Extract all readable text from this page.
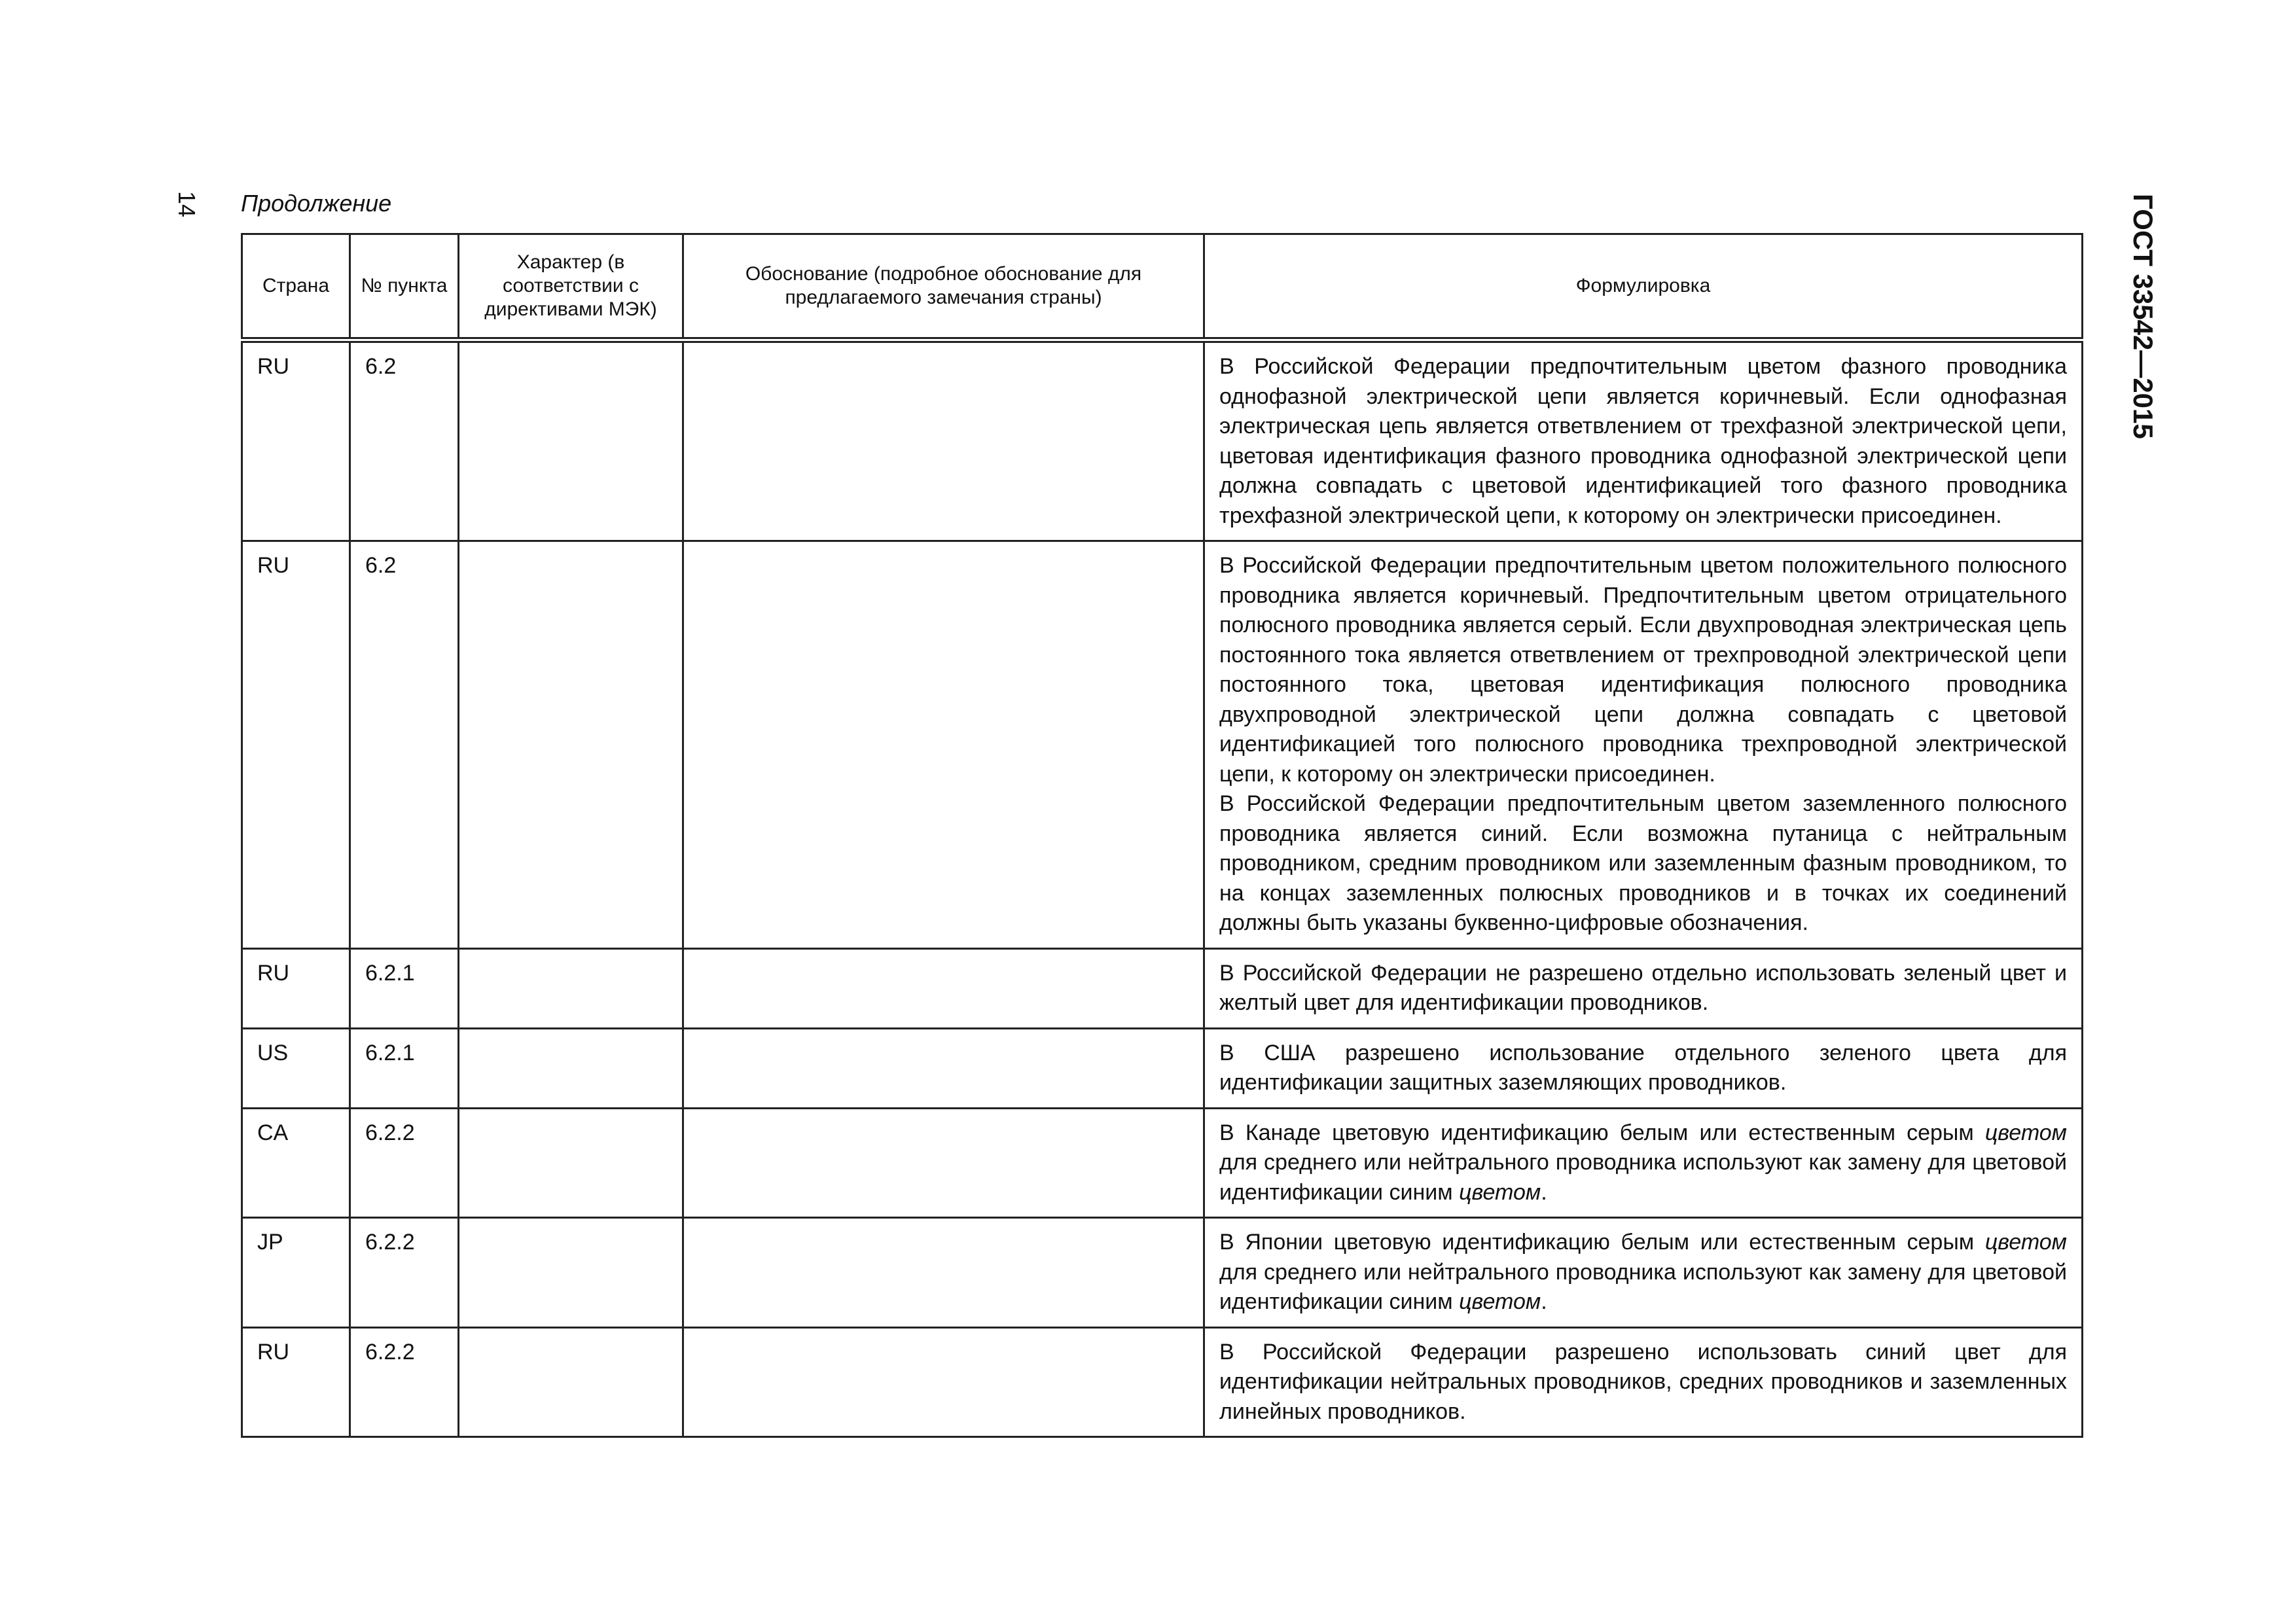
14 Продолжение	ГОСТ 33542—2015
Страна	№ пункта	Характер (в соответствии с директивами МЭК)	Обоснование (подробное обоснование для предлагаемого замечания страны)	Формулировка
RU	6.2			В Российской Федерации предпочтительным цветом фазного проводника однофазной электрической цепи является коричневый. Если однофазная электрическая цепь является ответвлением от трехфазной электрической цепи, цветовая идентификация фазного проводника однофазной электрической цепи должна совпадать с цветовой идентификацией того фазного проводника трехфазной электрической цепи, к которому он электрически присоединен.

RU	6.2			В Российской Федерации предпочтительным цветом положительного полюсного проводника является коричневый. Предпочтительным цветом отрицательного полюсного проводника является серый. Если двухпроводная электрическая цепь постоянного тока является ответвлением от трехпроводной электрической цепи постоянного тока, цветовая идентификация полюсного проводника двухпроводной электрической цепи должна совпадать с цветовой идентификацией того полюсного проводника трехпроводной электрической цепи, к которому он электрически присоединен.
В Российской Федерации предпочтительным цветом заземленного полюсного проводника является синий. Если возможна путаница с нейтральным проводником, средним проводником или заземленным фазным проводником, то на концах заземленных полюсных проводников и в точках их соединений должны быть указаны буквенно-цифровые обозначения.

RU	6.2.1			В Российской Федерации не разрешено отдельно использовать зеленый цвет и желтый цвет для идентификации проводников.

US	6.2.1			В США разрешено использование отдельного зеленого цвета для идентификации защитных заземляющих проводников.

CA	6.2.2			В Канаде цветовую идентификацию белым или естественным серым цветом для среднего или нейтрального проводника используют как замену для цветовой идентификации синим цветом.
JP	6.2.2			В Японии цветовую идентификацию белым или естественным серым цветом для среднего или нейтрального проводника используют как замену для цветовой идентификации синим цветом.
RU	6.2.2			В Российской Федерации разрешено использовать синий цвет для идентификации нейтральных проводников, средних проводников и заземленных линейных проводников.
